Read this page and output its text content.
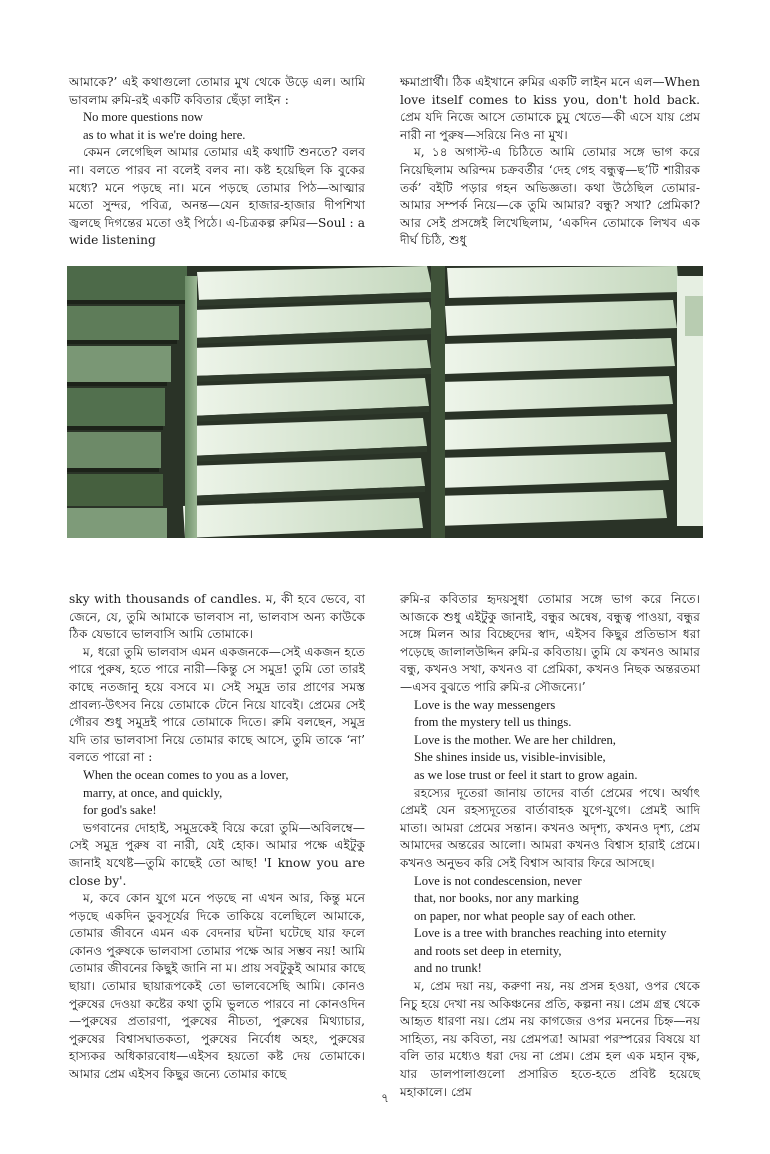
আমাকে?’ এই কথাগুলো তোমার মুখ থেকে উড়ে এল। আমি ভাবলাম রুমি-রই একটি কবিতার ছেঁড়া লাইন :

No more questions now

as to what it is we're doing here.

কেমন লেগেছিল আমার তোমার এই কথাটি শুনতে? বলব না। বলতে পারব না বলেই বলব না। কষ্ট হয়েছিল কি বুকের মধ্যে? মনে পড়ছে না। মনে পড়ছে তোমার পিঠ—আত্মার মতো সুন্দর, পবিত্র, অনন্ত—যেন হাজার-হাজার দীপশিখা জ্বলছে দিগন্তের মতো ওই পিঠে। এ-চিত্রকল্প রুমির—Soul : a wide listening

ক্ষমাপ্রার্থী। ঠিক এইখানে রুমির একটি লাইন মনে এল—When love itself comes to kiss you, don't hold back. প্রেম যদি নিজে আসে তোমাকে চুমু খেতে—কী এসে যায় প্রেম নারী না পুরুষ—সরিয়ে নিও না মুখ।

ম, ১৪ অগাস্ট-এ চিঠিতে আমি তোমার সঙ্গে ভাগ করে নিয়েছিলাম অরিন্দম চক্রবর্তীর ‘দেহ গেহ বন্ধুত্ব—ছ’টি শারীরক তর্ক’ বইটি পড়ার গহন অভিজ্ঞতা। কথা উঠেছিল তোমার-আমার সম্পর্ক নিয়ে—কে তুমি আমার? বন্ধু? সখা? প্রেমিকা? আর সেই প্রসঙ্গেই লিখেছিলাম, ‘একদিন তোমাকে লিখব এক দীর্ঘ চিঠি, শুধু

sky with thousands of candles. ম, কী হবে ভেবে, বা জেনে, যে, তুমি আমাকে ভালবাস না, ভালবাস অন্য কাউকে ঠিক যেভাবে ভালবাসি আমি তোমাকে।

ম, ধরো তুমি ভালবাস এমন একজনকে—সেই একজন হতে পারে পুরুষ, হতে পারে নারী—কিন্তু সে সমুদ্র! তুমি তো তারই কাছে নতজানু হয়ে বসবে ম। সেই সমুদ্র তার প্রাণের সমস্ত প্রাবল্য-উৎসব নিয়ে তোমাকে টেনে নিয়ে যাবেই। প্রেমের সেই গৌরব শুধু সমুদ্রই পারে তোমাকে দিতে। রুমি বলছেন, সমুদ্র যদি তার ভালবাসা নিয়ে তোমার কাছে আসে, তুমি তাকে ‘না’ বলতে পারো না :

When the ocean comes to you as a lover,

marry, at once, and quickly,

for god's sake!

ভগবানের দোহাই, সমুদ্রকেই বিয়ে করো তুমি—অবিলম্বে—সেই সমুদ্র পুরুষ বা নারী, যেই হোক। আমার পক্ষে এইটুকু জানাই যথেষ্ট—তুমি কাছেই তো আছ! 'I know you are close by'.

ম, কবে কোন যুগে মনে পড়ছে না এখন আর, কিন্তু মনে পড়ছে একদিন ডুবসূর্যের দিকে তাকিয়ে বলেছিলে আমাকে, তোমার জীবনে এমন এক বেদনার ঘটনা ঘটেছে যার ফলে কোনও পুরুষকে ভালবাসা তোমার পক্ষে আর সম্ভব নয়! আমি তোমার জীবনের কিছুই জানি না ম। প্রায় সবটুকুই আমার কাছে ছায়া। তোমার ছায়ারূপকেই তো ভালবেসেছি আমি। কোনও পুরুষের দেওয়া কষ্টের কথা তুমি ভুলতে পারবে না কোনওদিন—পুরুষের প্রতারণা, পুরুষের নীচতা, পুরুষের মিথ্যাচার, পুরুষের বিশ্বাসঘাতকতা, পুরুষের নির্বোধ অহং, পুরুষের হাস্যকর অধিকারবোধ—এইসব হয়তো কষ্ট দেয় তোমাকে। আমার প্রেম এইসব কিছুর জন্যে তোমার কাছে

রুমি-র কবিতার হৃদয়সুধা তোমার সঙ্গে ভাগ করে নিতে। আজকে শুধু এইটুকু জানাই, বন্ধুর অন্বেষ, বন্ধুত্ব পাওয়া, বন্ধুর সঙ্গে মিলন আর বিচ্ছেদের স্বাদ, এইসব কিছুর প্রতিভাস ধরা পড়েছে জালালউদ্দিন রুমি-র কবিতায়। তুমি যে কখনও আমার বন্ধু, কখনও সখা, কখনও বা প্রেমিকা, কখনও নিছক অন্তরতমা—এসব বুঝতে পারি রুমি-র সৌজন্যে।’

Love is the way messengers

from the mystery tell us things.

Love is the mother. We are her children,

She shines inside us, visible-invisible,

as we lose trust or feel it start to grow again.

রহস্যের দূতেরা জানায় তাদের বার্তা প্রেমের পথে। অর্থাৎ প্রেমই যেন রহস্যদূতের বার্তাবাহক যুগে-যুগে। প্রেমই আদি মাতা। আমরা প্রেমের সন্তান। কখনও অদৃশ্য, কখনও দৃশ্য, প্রেম আমাদের অন্তরের আলো। আমরা কখনও বিশ্বাস হারাই প্রেমে। কখনও অনুভব করি সেই বিশ্বাস আবার ফিরে আসছে।

Love is not condescension, never

that, nor books, nor any marking

on paper, nor what people say of each other.

Love is a tree with branches reaching into eternity

and roots set deep in eternity,

and no trunk!

ম, প্রেম দয়া নয়, করুণা নয়, নয় প্রসন্ন হওয়া, ওপর থেকে নিচু হয়ে দেখা নয় অকিঞ্চনের প্রতি, কল্পনা নয়। প্রেম গ্রন্থ থেকে আহৃত ধারণা নয়। প্রেম নয় কাগজের ওপর মননের চিহ্ন—নয় সাহিত্য, নয় কবিতা, নয় প্রেমপত্র! আমরা পরস্পরের বিষয়ে যা বলি তার মধ্যেও ধরা দেয় না প্রেম। প্রেম হল এক মহান বৃক্ষ, যার ডালপালাগুলো প্রসারিত হতে-হতে প্রবিষ্ট হয়েছে মহাকালে। প্রেম

৭
